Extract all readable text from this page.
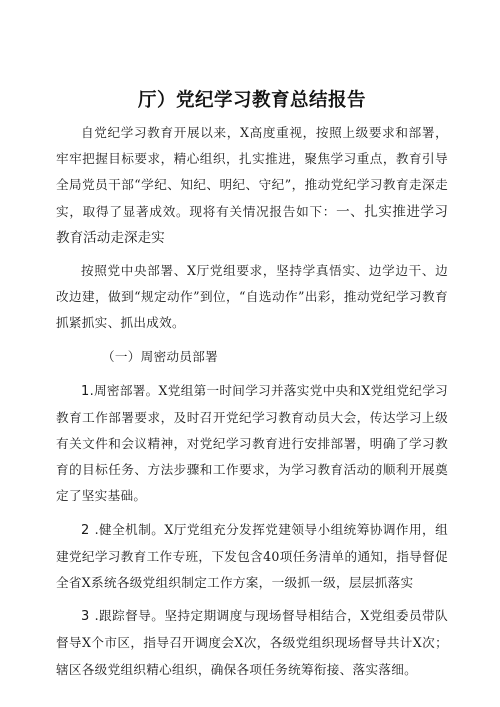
厅）党纪学习教育总结报告

自党纪学习教育开展以来，X高度重视，按照上级要求和部署，牢牢把握目标要求，精心组织，扎实推进，聚焦学习重点，教育引导全局党员干部“学纪、知纪、明纪、守纪”，推动党纪学习教育走深走实，取得了显著成效。现将有关情况报告如下：一、扎实推进学习教育活动走深走实

按照党中央部署、X厅党组要求，坚持学真悟实、边学边干、边改边建，做到“规定动作”到位，“自选动作”出彩，推动党纪学习教育抓紧抓实、抓出成效。

（一）周密动员部署

1.周密部署。X党组第一时间学习并落实党中央和X党组党纪学习教育工作部署要求，及时召开党纪学习教育动员大会，传达学习上级有关文件和会议精神，对党纪学习教育进行安排部署，明确了学习教育的目标任务、方法步骤和工作要求，为学习教育活动的顺利开展奠定了坚实基础。

2 .健全机制。X厅党组充分发挥党建领导小组统筹协调作用，组建党纪学习教育工作专班，下发包含40项任务清单的通知，指导督促全省X系统各级党组织制定工作方案，一级抓一级，层层抓落实

3 .跟踪督导。坚持定期调度与现场督导相结合，X党组委员带队督导X个市区，指导召开调度会X次，各级党组织现场督导共计X次；辖区各级党组织精心组织，确保各项任务统筹衔接、落实落细。
